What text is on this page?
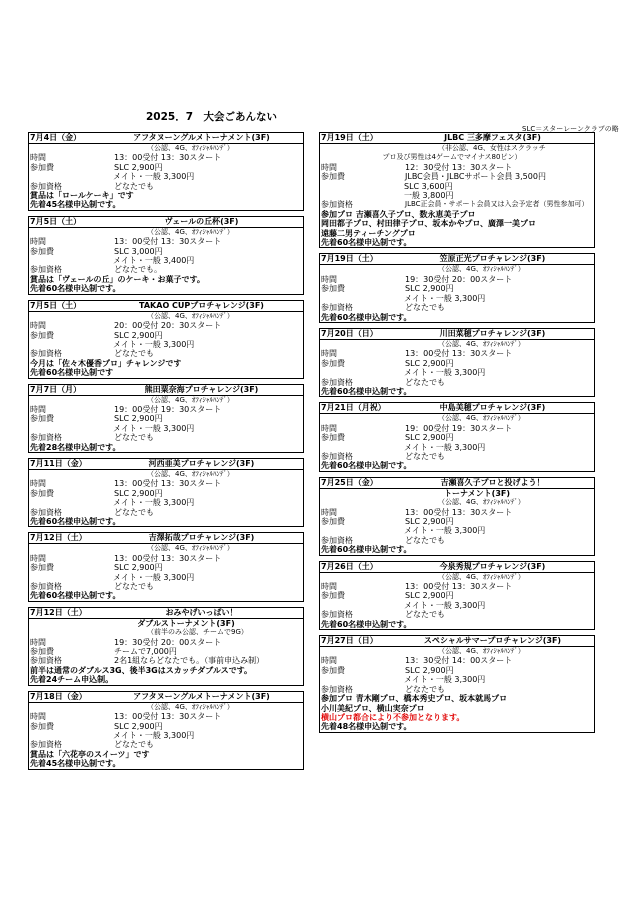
2025．7　大会ごあんない
SLC＝スターレーンクラブの略
7月4日（金）	アフタヌーングルメトーナメント(3F)
（公認、4G、ｵﾌｨｼｬﾙﾊﾝﾃﾞ）
時間	13：00受付 13：30スタート
参加費	SLC 2,900円
メイト・一般 3,300円
参加資格	どなたでも
賞品は「ロールケーキ」です
先着45名様申込制です。
7月5日（土）	ヴェールの丘杯(3F)
（公認、4G、ｵﾌｨｼｬﾙﾊﾝﾃﾞ）
時間	13：00受付 13：30スタート
参加費	SLC 3,000円
メイト・一般 3,400円
参加資格	どなたでも。
賞品は「ヴェールの丘」のケーキ・お菓子です。
先着60名様申込制です。
7月5日（土）	TAKAO CUPプロチャレンジ(3F)
（公認、4G、ｵﾌｨｼｬﾙﾊﾝﾃﾞ）
時間	20：00受付 20：30スタート
参加費	SLC 2,900円
メイト・一般 3,300円
参加資格	どなたでも
今月は「佐々木優香プロ」チャレンジです
先着60名様申込制です
7月7日（月）	熊田粟奈海プロチャレンジ(3F)
（公認、4G、ｵﾌｨｼｬﾙﾊﾝﾃﾞ）
時間	19：00受付 19：30スタート
参加費	SLC 2,900円
メイト・一般 3,300円
参加資格	どなたでも
先着28名様申込制です。
7月11日（金）	河西亜美プロチャレンジ(3F)
（公認、4G、ｵﾌｨｼｬﾙﾊﾝﾃﾞ）
時間	13：00受付 13：30スタート
参加費	SLC 2,900円
メイト・一般 3,300円
参加資格	どなたでも
先着60名様申込制です。
7月12日（土）	吉澤拓哉プロチャレンジ(3F)
（公認、4G、ｵﾌｨｼｬﾙﾊﾝﾃﾞ）
時間	13：00受付 13：30スタート
参加費	SLC 2,900円
メイト・一般 3,300円
参加資格	どなたでも
先着60名様申込制です。
7月12日（土）	おみやげいっぱい！
ダブルストーナメント(3F)
（前半のみ公認、チームで9G）
時間	19：30受付 20：00スタート
参加費	チームで7,000円
参加資格	2名1組ならどなたでも。（事前申込み制）
前半は通常のダブルス3G、後半3Gはスカッチダブルスです。
先着24チーム申込制。
7月18日（金）	アフタヌーングルメトーナメント(3F)
（公認、4G、ｵﾌｨｼｬﾙﾊﾝﾃﾞ）
時間	13：00受付 13：30スタート
参加費	SLC 2,900円
メイト・一般 3,300円
参加資格	どなたでも
賞品は「六花亭のスイーツ」です
先着45名様申込制です。
7月19日（土）	JLBC 三多摩フェスタ(3F)
（非公認、4G、女性はスクラッチ
プロ及び男性は4ゲームでマイナス80ピン）
時間	12：30受付 13：30スタート
参加費	JLBC会員・JLBCサポート会員 3,500円
SLC 3,600円
一般 3,800円
参加資格	JLBC正会員・サポート会員又は入会予定者（男性参加可）
参加プロ 吉瀬喜久子プロ、数永恵美子プロ
岡田都子プロ、村田律子プロ、坂本かやプロ、廣澤一美プロ
遠藤二男ティーチングプロ
先着60名様申込制です。
7月19日（土）	笠原正光プロチャレンジ(3F)
（公認、4G、ｵﾌｨｼｬﾙﾊﾝﾃﾞ）
時間	19：30受付 20：00スタート
参加費	SLC 2,900円
メイト・一般 3,300円
参加資格	どなたでも
先着60名様申込制です。
7月20日（日）	川田菜穂プロチャレンジ(3F)
（公認、4G、ｵﾌｨｼｬﾙﾊﾝﾃﾞ）
時間	13：00受付 13：30スタート
参加費	SLC 2,900円
メイト・一般 3,300円
参加資格	どなたでも
先着60名様申込制です。
7月21日（月祝）	中島美穂プロチャレンジ(3F)
（公認、4G、ｵﾌｨｼｬﾙﾊﾝﾃﾞ）
時間	19：00受付 19：30スタート
参加費	SLC 2,900円
メイト・一般 3,300円
参加資格	どなたでも
先着60名様申込制です。
7月25日（金）	吉瀬喜久子プロと投げよう！
トーナメント(3F)
（公認、4G、ｵﾌｨｼｬﾙﾊﾝﾃﾞ）
時間	13：00受付 13：30スタート
参加費	SLC 2,900円
メイト・一般 3,300円
参加資格	どなたでも
先着60名様申込制です。
7月26日（土）	今泉秀規プロチャレンジ(3F)
（公認、4G、ｵﾌｨｼｬﾙﾊﾝﾃﾞ）
時間	13：00受付 13：30スタート
参加費	SLC 2,900円
メイト・一般 3,300円
参加資格	どなたでも
先着60名様申込制です。
7月27日（日）	スペシャルサマープロチャレンジ(3F)
（公認、4G、ｵﾌｨｼｬﾙﾊﾝﾃﾞ）
時間	13：30受付 14：00スタート
参加費	SLC 2,900円
メイト・一般 3,300円
参加資格	どなたでも
参加プロ 青木剛プロ、橋本秀史プロ、坂本就馬プロ
小川美紀プロ、横山実奈プロ
横山プロ都合により不参加となります。
先着48名様申込制です。
